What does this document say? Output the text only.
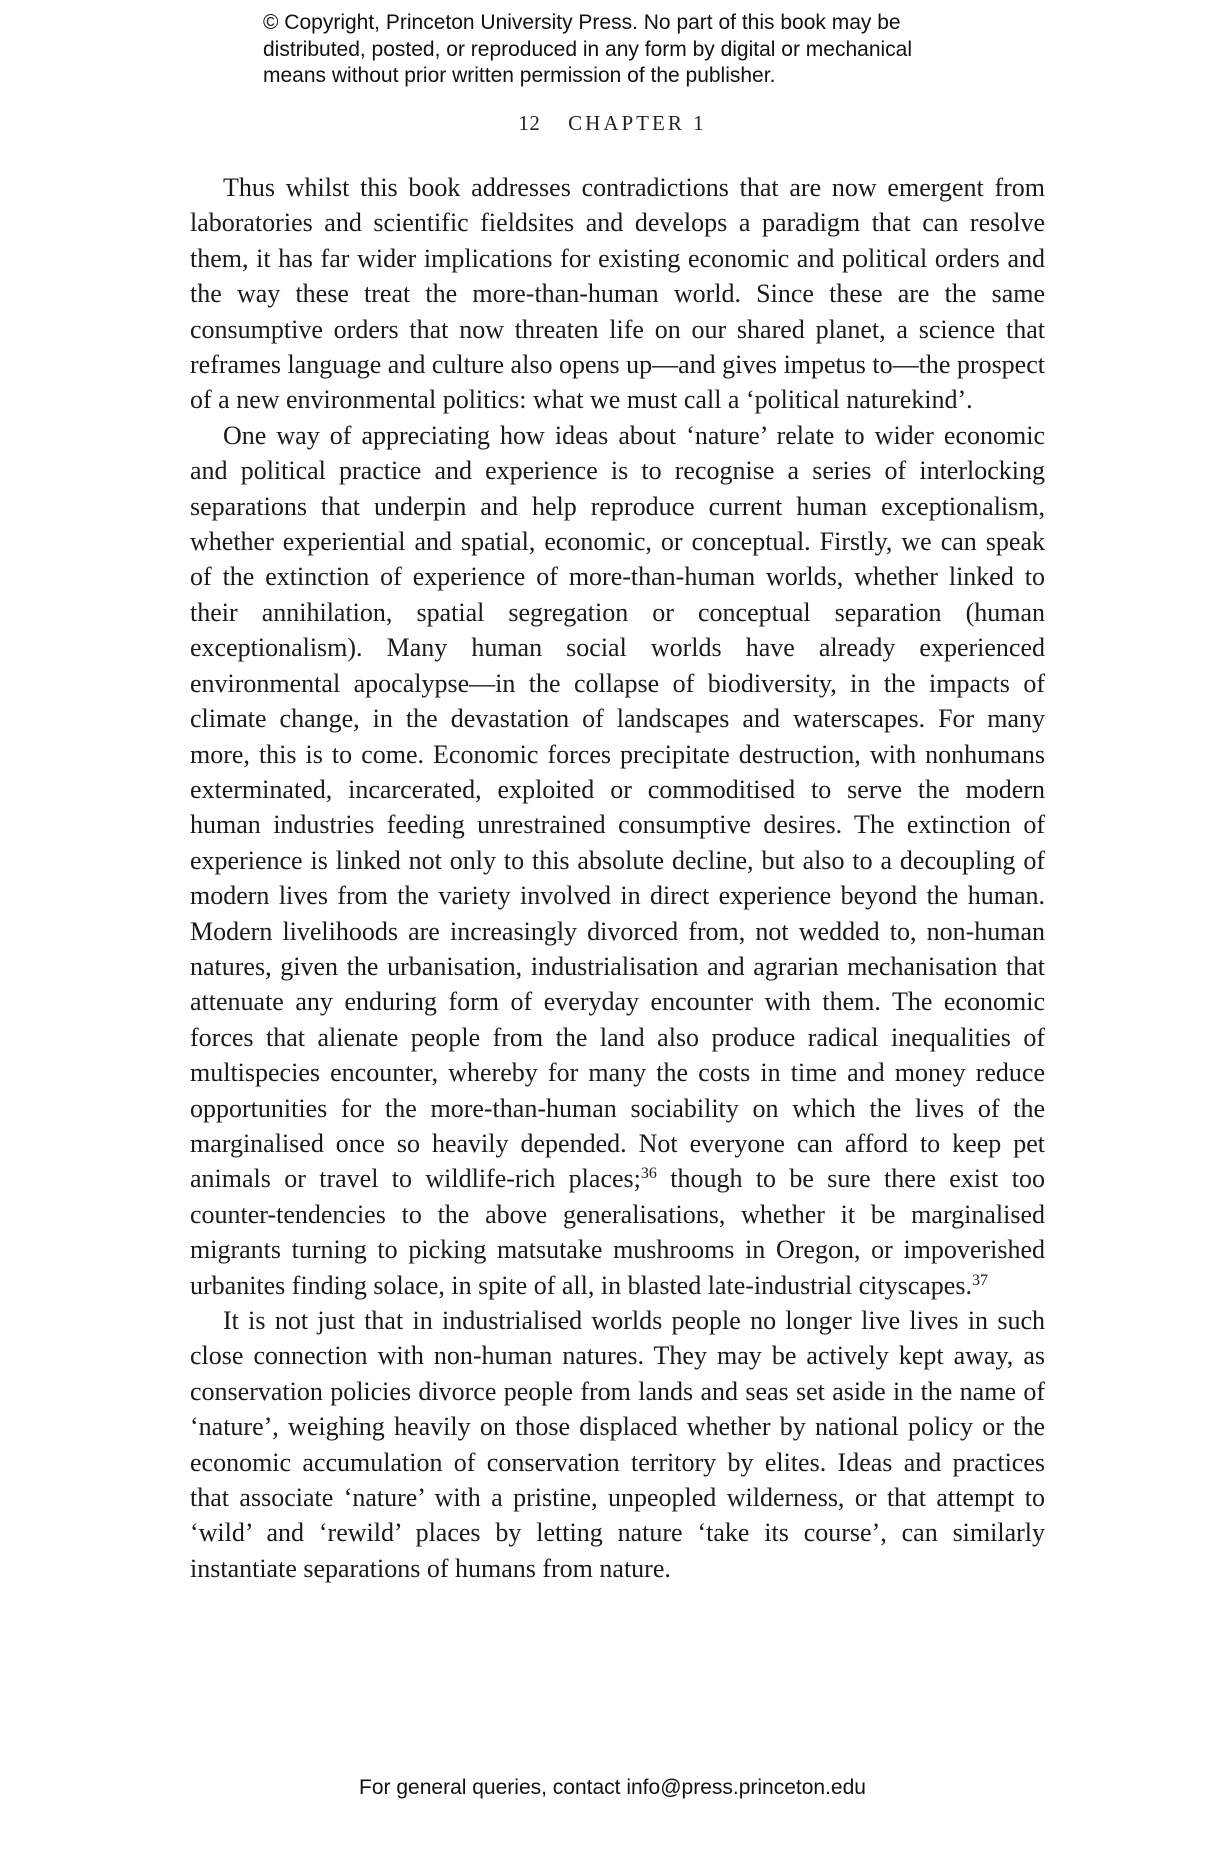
© Copyright, Princeton University Press. No part of this book may be
distributed, posted, or reproduced in any form by digital or mechanical
means without prior written permission of the publisher.
12 CHAPTER 1

Thus whilst this book addresses contradictions that are now emergent from laboratories and scientific fieldsites and develops a paradigm that can resolve them, it has far wider implications for existing economic and political orders and the way these treat the more-than-human world. Since these are the same consumptive orders that now threaten life on our shared planet, a science that reframes language and culture also opens up—and gives impetus to—the prospect of a new environmental politics: what we must call a ‘political naturekind’.

One way of appreciating how ideas about ‘nature’ relate to wider economic and political practice and experience is to recognise a series of interlocking separations that underpin and help reproduce current human exceptionalism, whether experiential and spatial, economic, or conceptual. Firstly, we can speak of the extinction of experience of more-than-human worlds, whether linked to their annihilation, spatial segregation or conceptual separation (human exceptionalism). Many human social worlds have already experienced environmental apocalypse—in the collapse of biodiversity, in the impacts of climate change, in the devastation of landscapes and waterscapes. For many more, this is to come. Economic forces precipitate destruction, with nonhumans exterminated, incarcerated, exploited or commoditised to serve the modern human industries feeding unrestrained consumptive desires. The extinction of experience is linked not only to this absolute decline, but also to a decoupling of modern lives from the variety involved in direct experience beyond the human. Modern livelihoods are increasingly divorced from, not wedded to, non-human natures, given the urbanisation, industrialisation and agrarian mechanisation that attenuate any enduring form of everyday encounter with them. The economic forces that alienate people from the land also produce radical inequalities of multispecies encounter, whereby for many the costs in time and money reduce opportunities for the more-than-human sociability on which the lives of the marginalised once so heavily depended. Not everyone can afford to keep pet animals or travel to wildlife-rich places;$^{36}$ though to be sure there exist too counter-tendencies to the above generalisations, whether it be marginalised migrants turning to picking matsutake mushrooms in Oregon, or impoverished urbanites finding solace, in spite of all, in blasted late-industrial cityscapes.$^{37}$

It is not just that in industrialised worlds people no longer live lives in such close connection with non-human natures. They may be actively kept away, as conservation policies divorce people from lands and seas set aside in the name of ‘nature’, weighing heavily on those displaced whether by national policy or the economic accumulation of conservation territory by elites. Ideas and practices that associate ‘nature’ with a pristine, unpeopled wilderness, or that attempt to ‘wild’ and ‘rewild’ places by letting nature ‘take its course’, can similarly instantiate separations of humans from nature.

For general queries, contact info@press.princeton.edu
